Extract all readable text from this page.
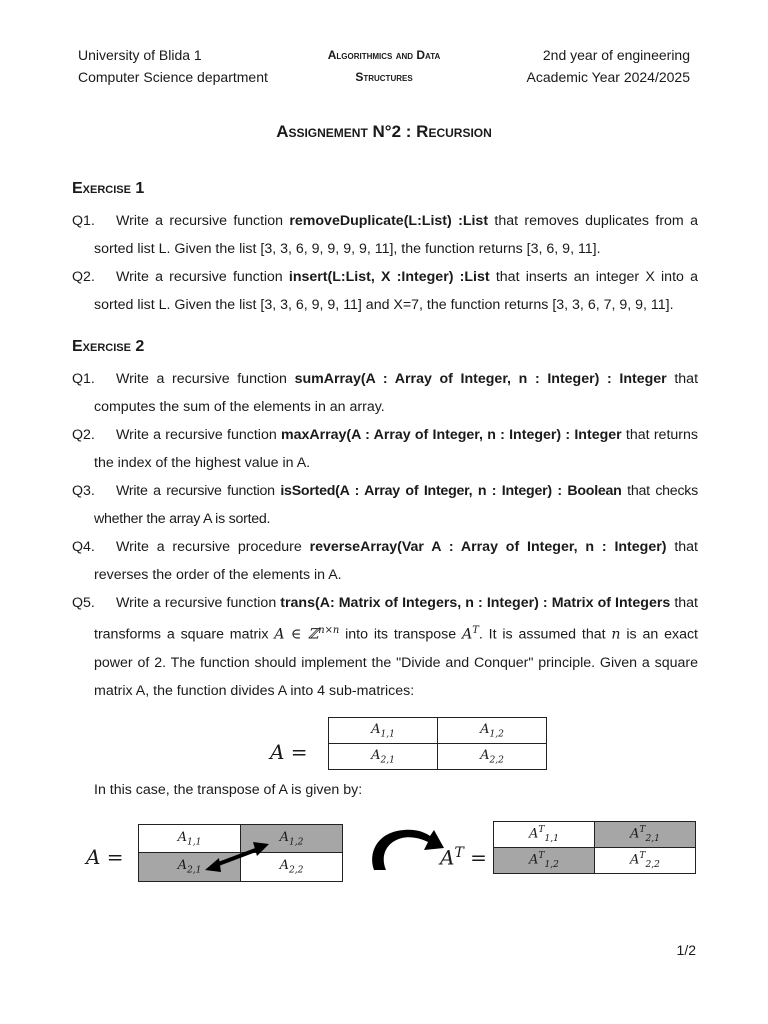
University of Blida 1
Computer Science department
Algorithmics and Data
Structures
2nd year of engineering
Academic Year 2024/2025
Assignement N°2 : Recursion
Exercise 1
Q1.	Write a recursive function removeDuplicate(L:List) :List that removes duplicates from a sorted list L. Given the list [3, 3, 6, 9, 9, 9, 9, 11], the function returns [3, 6, 9, 11].
Q2.	Write a recursive function insert(L:List, X :Integer) :List that inserts an integer X into a sorted list L. Given the list [3, 3, 6, 9, 9, 11] and X=7, the function returns [3, 3, 6, 7, 9, 9, 11].
Exercise 2
Q1.	Write a recursive function sumArray(A : Array of Integer, n : Integer) : Integer that computes the sum of the elements in an array.
Q2.	Write a recursive function maxArray(A : Array of Integer, n : Integer) : Integer that returns the index of the highest value in A.
Q3.	Write a recursive function isSorted(A : Array of Integer, n : Integer) : Boolean that checks whether the array A is sorted.
Q4.	Write a recursive procedure reverseArray(Var A : Array of Integer, n : Integer) that reverses the order of the elements in A.
Q5.	Write a recursive function trans(A: Matrix of Integers, n : Integer) : Matrix of Integers that transforms a square matrix A ∈ ℤ$^{n\times n}$ into its transpose $A^T$. It is assumed that n is an exact power of 2. The function should implement the "Divide and Conquer" principle. Given a square matrix A, the function divides A into 4 sub-matrices:
A =
$A_{1,1}$	$A_{1,2}$
$A_{2,1}$	$A_{2,2}$
In this case, the transpose of A is given by:
A =
$A_{1,1}$	$A_{1,2}$
$A_{2,1}$	$A_{2,2}$
$A^T$ =
$A^T_{1,1}$	$A^T_{2,1}$
$A^T_{1,2}$	$A^T_{2,2}$
1/2
